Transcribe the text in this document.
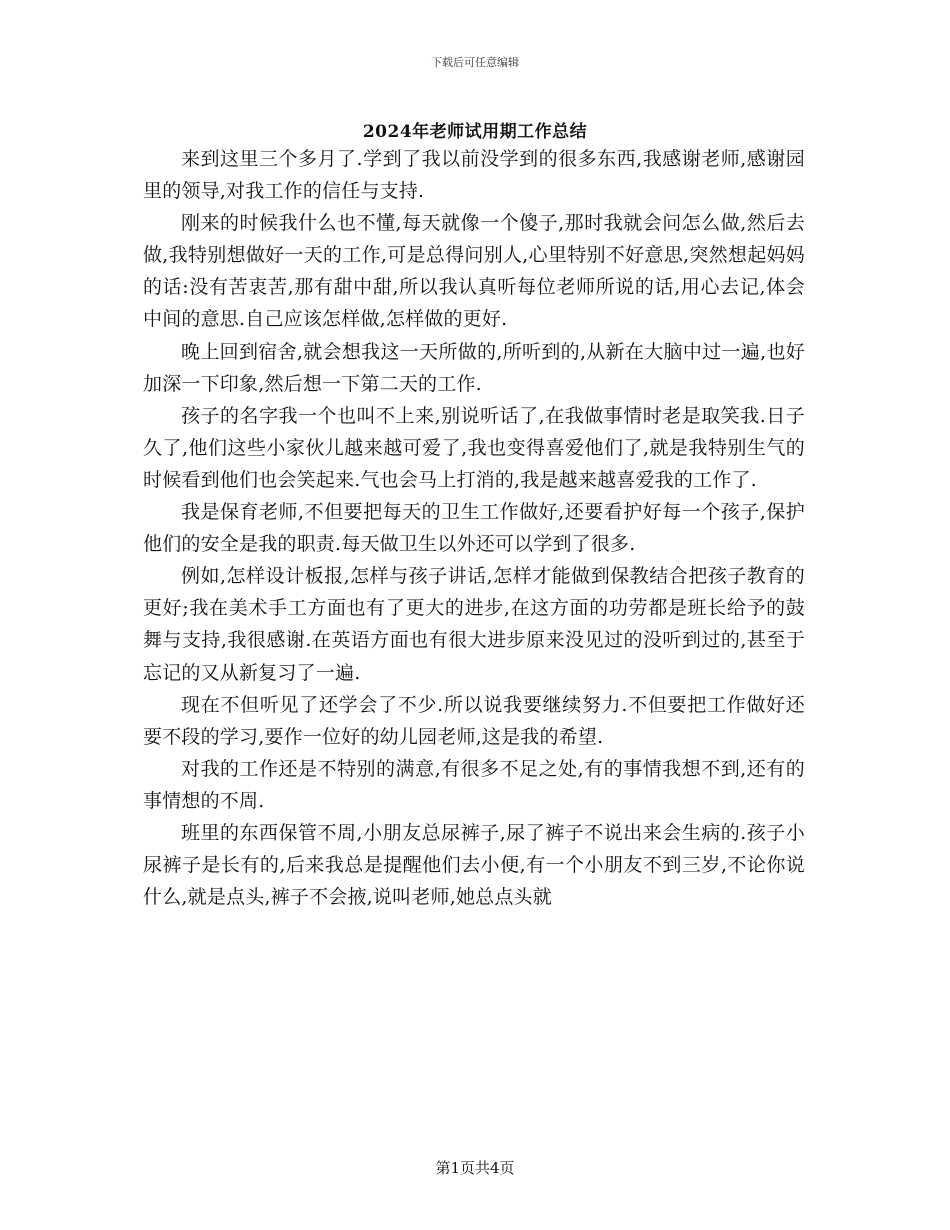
下载后可任意编辑
2024年老师试用期工作总结

来到这里三个多月了.学到了我以前没学到的很多东西,我感谢老师,感谢园里的领导,对我工作的信任与支持.

刚来的时候我什么也不懂,每天就像一个傻子,那时我就会问怎么做,然后去做,我特别想做好一天的工作,可是总得问别人,心里特别不好意思,突然想起妈妈的话:没有苦衷苦,那有甜中甜,所以我认真听每位老师所说的话,用心去记,体会中间的意思.自己应该怎样做,怎样做的更好.

晚上回到宿舍,就会想我这一天所做的,所听到的,从新在大脑中过一遍,也好加深一下印象,然后想一下第二天的工作.

孩子的名字我一个也叫不上来,别说听话了,在我做事情时老是取笑我.日子久了,他们这些小家伙儿越来越可爱了,我也变得喜爱他们了,就是我特别生气的时候看到他们也会笑起来.气也会马上打消的,我是越来越喜爱我的工作了.

我是保育老师,不但要把每天的卫生工作做好,还要看护好每一个孩子,保护他们的安全是我的职责.每天做卫生以外还可以学到了很多.

例如,怎样设计板报,怎样与孩子讲话,怎样才能做到保教结合把孩子教育的更好;我在美术手工方面也有了更大的进步,在这方面的功劳都是班长给予的鼓舞与支持,我很感谢.在英语方面也有很大进步原来没见过的没听到过的,甚至于忘记的又从新复习了一遍.

现在不但听见了还学会了不少.所以说我要继续努力.不但要把工作做好还要不段的学习,要作一位好的幼儿园老师,这是我的希望.

对我的工作还是不特别的满意,有很多不足之处,有的事情我想不到,还有的事情想的不周.

班里的东西保管不周,小朋友总尿裤子,尿了裤子不说出来会生病的.孩子小尿裤子是长有的,后来我总是提醒他们去小便,有一个小朋友不到三岁,不论你说什么,就是点头,裤子不会掖,说叫老师,她总点头就

第1页共4页
